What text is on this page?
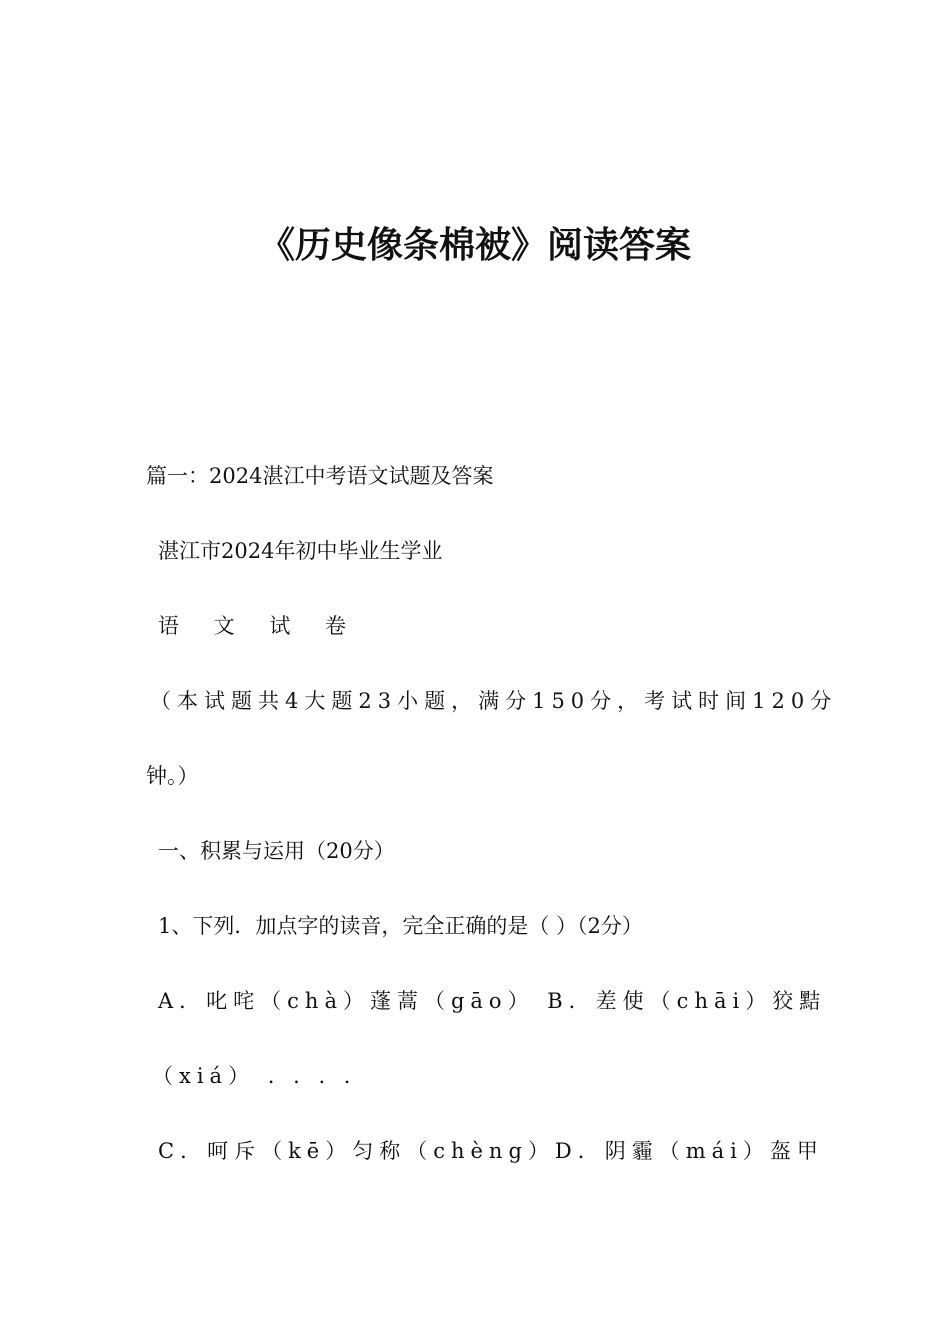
《历史像条棉被》阅读答案

篇一：2024湛江中考语文试题及答案

湛江市2024年初中毕业生学业

语 文 试 卷

（本试题共4大题23小题，满分150分，考试时间120分

钟。）

一、积累与运用（20分）

1、下列．加点字的读音，完全正确的是（ ）（2分）

A．叱咤（chà）蓬蒿（gāo） B．差使（chāi）狡黠

（xiá） . . . .

C．呵斥（kē）匀称（chèng）D．阴霾（mái）盔甲
